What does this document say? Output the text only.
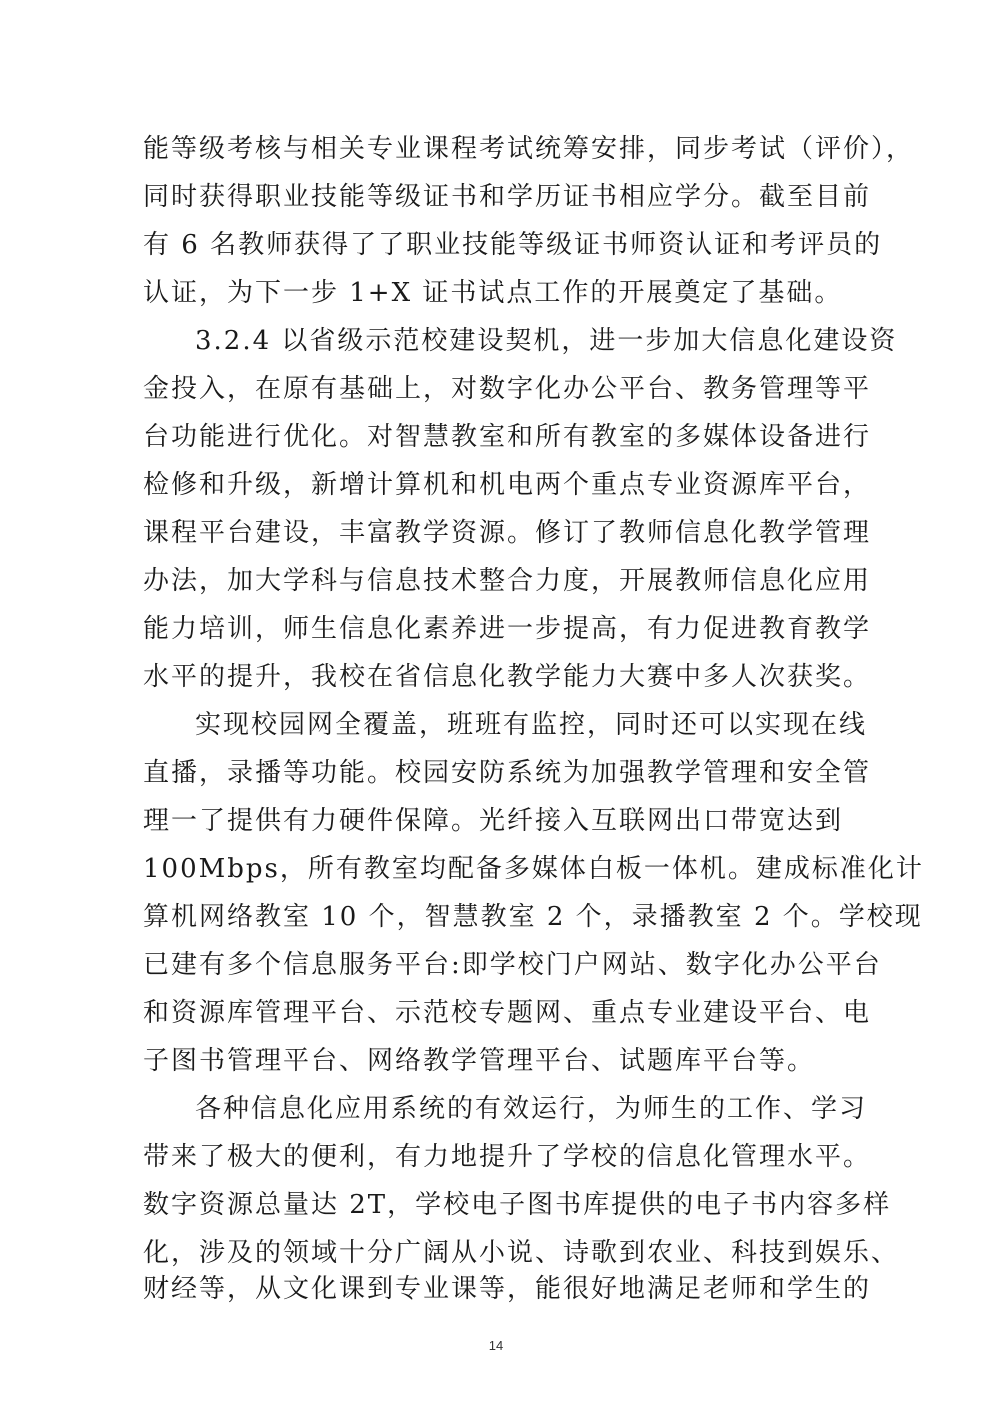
能等级考核与相关专业课程考试统筹安排，同步考试（评价），
同时获得职业技能等级证书和学历证书相应学分。截至目前
有 6 名教师获得了了职业技能等级证书师资认证和考评员的
认证，为下一步 1+X 证书试点工作的开展奠定了基础。
3.2.4 以省级示范校建设契机，进一步加大信息化建设资
金投入，在原有基础上，对数字化办公平台、教务管理等平
台功能进行优化。对智慧教室和所有教室的多媒体设备进行
检修和升级，新增计算机和机电两个重点专业资源库平台，
课程平台建设，丰富教学资源。修订了教师信息化教学管理
办法，加大学科与信息技术整合力度，开展教师信息化应用
能力培训，师生信息化素养进一步提高，有力促进教育教学
水平的提升，我校在省信息化教学能力大赛中多人次获奖。
实现校园网全覆盖，班班有监控，同时还可以实现在线
直播，录播等功能。校园安防系统为加强教学管理和安全管
理一了提供有力硬件保障。光纤接入互联网出口带宽达到
100Mbps，所有教室均配备多媒体白板一体机。建成标准化计
算机网络教室 10 个，智慧教室 2 个，录播教室 2 个。学校现
已建有多个信息服务平台:即学校门户网站、数字化办公平台
和资源库管理平台、示范校专题网、重点专业建设平台、电
子图书管理平台、网络教学管理平台、试题库平台等。
各种信息化应用系统的有效运行，为师生的工作、学习
带来了极大的便利，有力地提升了学校的信息化管理水平。
数字资源总量达 2T，学校电子图书库提供的电子书内容多样
化，涉及的领域十分广阔从小说、诗歌到农业、科技到娱乐、
财经等，从文化课到专业课等，能很好地满足老师和学生的
14
